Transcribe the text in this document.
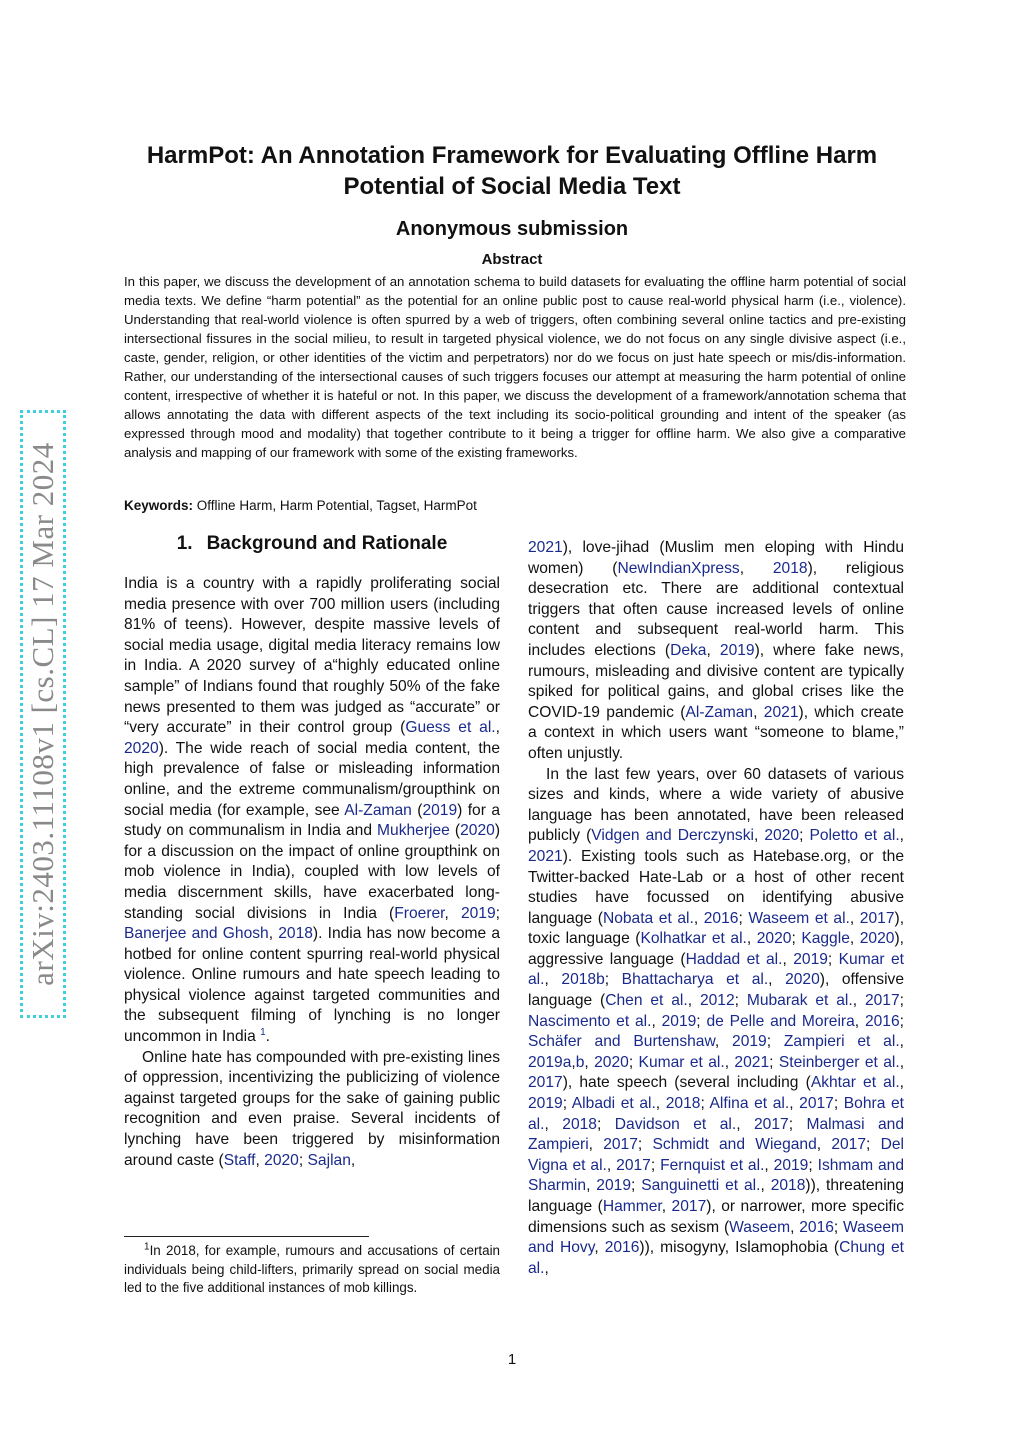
arXiv:2403.11108v1 [cs.CL] 17 Mar 2024
HarmPot: An Annotation Framework for Evaluating Offline Harm
Potential of Social Media Text
Anonymous submission
Abstract
In this paper, we discuss the development of an annotation schema to build datasets for evaluating the offline harm potential of social media texts. We define “harm potential” as the potential for an online public post to cause real-world physical harm (i.e., violence). Understanding that real-world violence is often spurred by a web of triggers, often combining several online tactics and pre-existing intersectional fissures in the social milieu, to result in targeted physical violence, we do not focus on any single divisive aspect (i.e., caste, gender, religion, or other identities of the victim and perpetrators) nor do we focus on just hate speech or mis/dis-information. Rather, our understanding of the intersectional causes of such triggers focuses our attempt at measuring the harm potential of online content, irrespective of whether it is hateful or not. In this paper, we discuss the development of a framework/annotation schema that allows annotating the data with different aspects of the text including its socio-political grounding and intent of the speaker (as expressed through mood and modality) that together contribute to it being a trigger for offline harm. We also give a comparative analysis and mapping of our framework with some of the existing frameworks.
Keywords: Offline Harm, Harm Potential, Tagset, HarmPot
1. Background and Rationale

India is a country with a rapidly proliferating social media presence with over 700 million users (including 81% of teens). However, despite massive levels of social media usage, digital media literacy remains low in India. A 2020 survey of a“highly educated online sample” of Indians found that roughly 50% of the fake news presented to them was judged as “accurate” or “very accurate” in their control group (Guess et al., 2020). The wide reach of social media content, the high prevalence of false or misleading information online, and the extreme communalism/groupthink on social media (for example, see Al-Zaman (2019) for a study on communalism in India and Mukherjee (2020) for a discussion on the impact of online groupthink on mob violence in India), coupled with low levels of media discernment skills, have exacerbated long-standing social divisions in India (Froerer, 2019; Banerjee and Ghosh, 2018). India has now become a hotbed for online content spurring real-world physical violence. Online rumours and hate speech leading to physical violence against targeted communities and the subsequent filming of lynching is no longer uncommon in India $^1$.

Online hate has compounded with pre-existing lines of oppression, incentivizing the publicizing of violence against targeted groups for the sake of gaining public recognition and even praise. Several incidents of lynching have been triggered by misinformation around caste (Staff, 2020; Sajlan,

2021), love-jihad (Muslim men eloping with Hindu women) (NewIndianXpress, 2018), religious desecration etc. There are additional contextual triggers that often cause increased levels of online content and subsequent real-world harm. This includes elections (Deka, 2019), where fake news, rumours, misleading and divisive content are typically spiked for political gains, and global crises like the COVID-19 pandemic (Al-Zaman, 2021), which create a context in which users want “someone to blame,” often unjustly.

In the last few years, over 60 datasets of various sizes and kinds, where a wide variety of abusive language has been annotated, have been released publicly (Vidgen and Derczynski, 2020; Poletto et al., 2021). Existing tools such as Hatebase.org, or the Twitter-backed Hate-Lab or a host of other recent studies have focussed on identifying abusive language (Nobata et al., 2016; Waseem et al., 2017), toxic language (Kolhatkar et al., 2020; Kaggle, 2020), aggressive language (Haddad et al., 2019; Kumar et al., 2018b; Bhattacharya et al., 2020), offensive language (Chen et al., 2012; Mubarak et al., 2017; Nascimento et al., 2019; de Pelle and Moreira, 2016; Schäfer and Burtenshaw, 2019; Zampieri et al., 2019a,b, 2020; Kumar et al., 2021; Steinberger et al., 2017), hate speech (several including (Akhtar et al., 2019; Albadi et al., 2018; Alfina et al., 2017; Bohra et al., 2018; Davidson et al., 2017; Malmasi and Zampieri, 2017; Schmidt and Wiegand, 2017; Del Vigna et al., 2017; Fernquist et al., 2019; Ishmam and Sharmin, 2019; Sanguinetti et al., 2018)), threatening language (Hammer, 2017), or narrower, more specific dimensions such as sexism (Waseem, 2016; Waseem and Hovy, 2016)), misogyny, Islamophobia (Chung et al.,

$^1$In 2018, for example, rumours and accusations of certain individuals being child-lifters, primarily spread on social media led to the five additional instances of mob killings.
1
